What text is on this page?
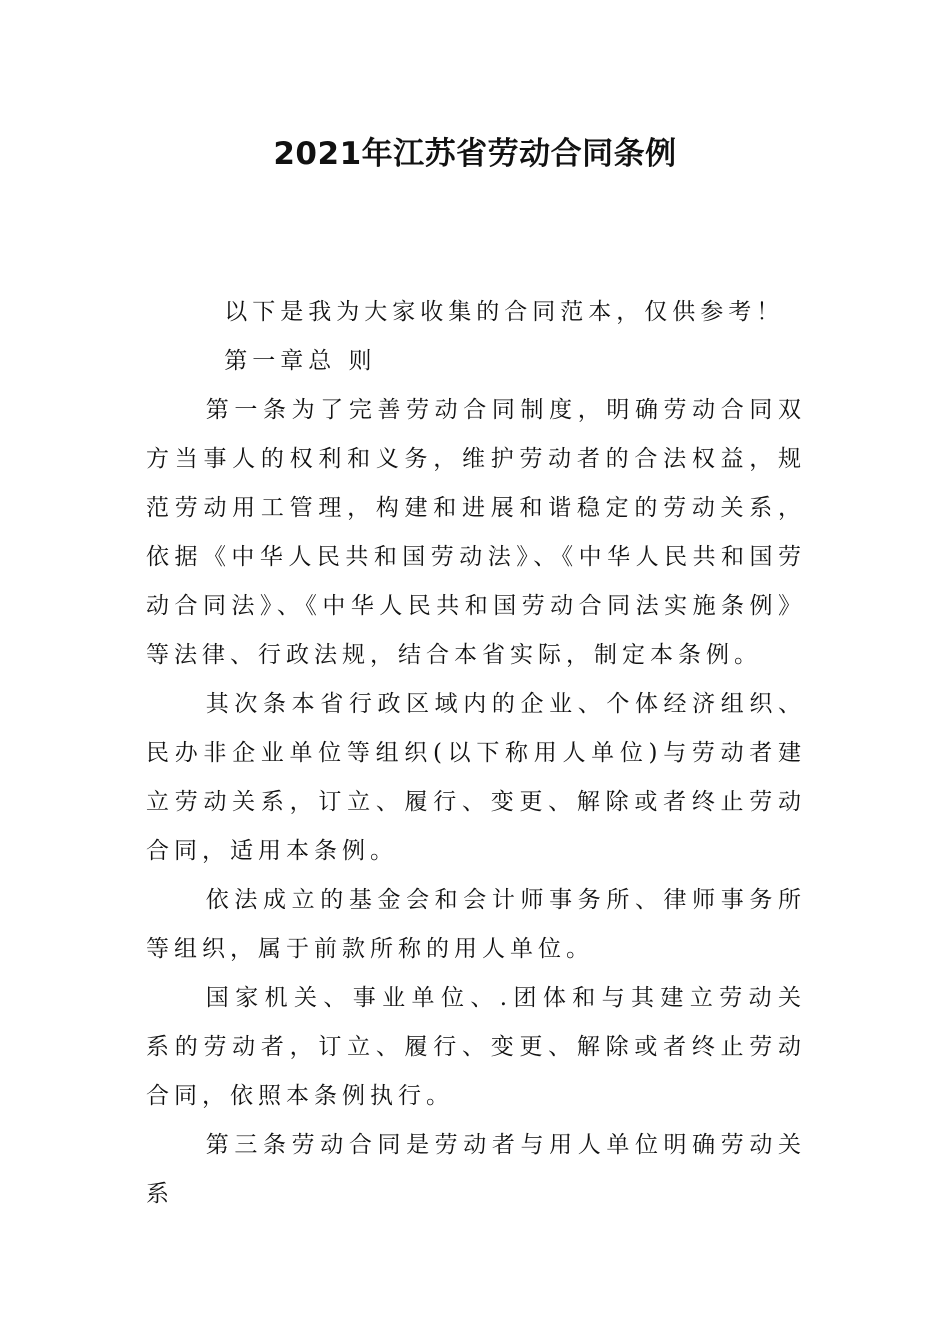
2021年江苏省劳动合同条例

以下是我为大家收集的合同范本，仅供参考！

第一章总 则

第一条为了完善劳动合同制度，明确劳动合同双方当事人的权利和义务，维护劳动者的合法权益，规范劳动用工管理，构建和进展和谐稳定的劳动关系，依据《中华人民共和国劳动法》、《中华人民共和国劳动合同法》、《中华人民共和国劳动合同法实施条例》等法律、行政法规，结合本省实际，制定本条例。

其次条本省行政区域内的企业、个体经济组织、民办非企业单位等组织(以下称用人单位)与劳动者建立劳动关系，订立、履行、变更、解除或者终止劳动合同，适用本条例。

依法成立的基金会和会计师事务所、律师事务所等组织，属于前款所称的用人单位。

国家机关、事业单位、.团体和与其建立劳动关系的劳动者，订立、履行、变更、解除或者终止劳动合同，依照本条例执行。

第三条劳动合同是劳动者与用人单位明确劳动关系
